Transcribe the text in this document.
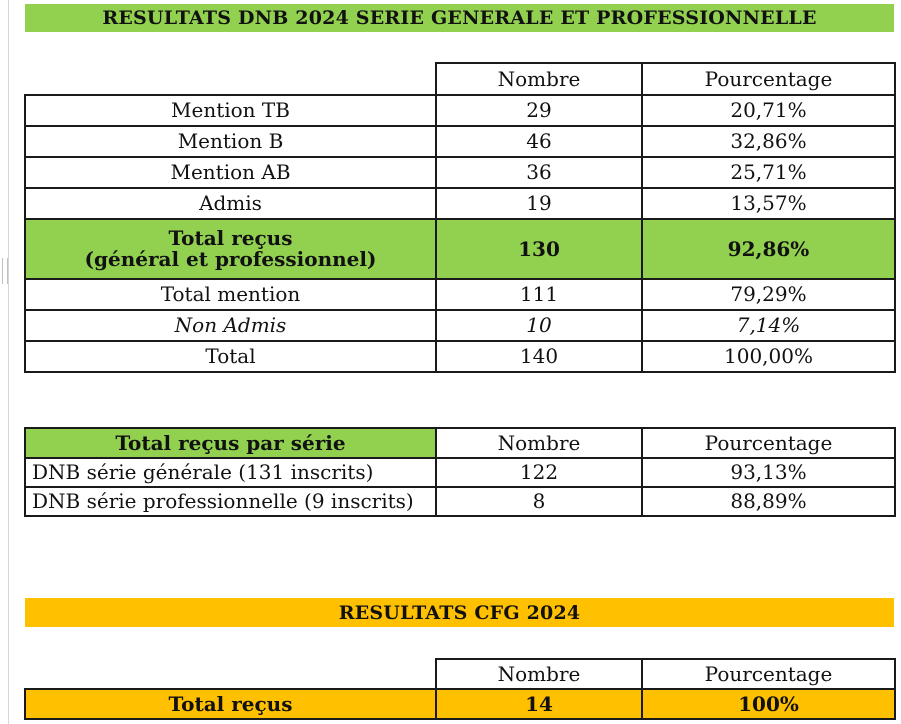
RESULTATS DNB 2024 SERIE GENERALE ET PROFESSIONNELLE
	Nombre	Pourcentage
Mention TB	29	20,71%
Mention B	46	32,86%
Mention AB	36	25,71%
Admis	19	13,57%
Total reçus
(général et professionnel)	130	92,86%
Total mention	111	79,29%
Non Admis	10	7,14%
Total	140	100,00%
Total reçus par série	Nombre	Pourcentage
DNB série générale (131 inscrits)	122	93,13%
DNB série professionnelle (9 inscrits)	8	88,89%
RESULTATS CFG 2024
	Nombre	Pourcentage
Total reçus	14	100%
